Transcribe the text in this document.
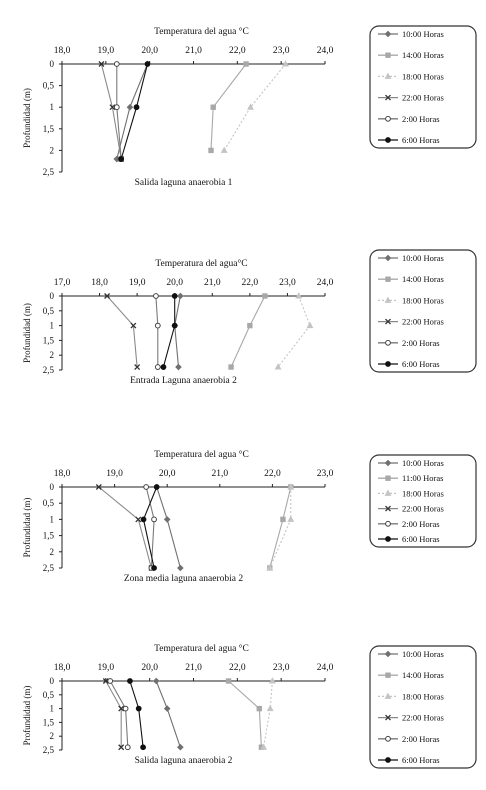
Temperatura del agua °C
18,0	19,0	20,0	21,0	22,0	23,0	24,0
0
0,5
1
1,5
2
2,5
Profundidad (m)
Salida laguna anaerobia 1
10:00 Horas
14:00 Horas
18:00 Horas
22:00 Horas
2:00 Horas
6:00 Horas
Temperatura del agua°C
17,0 18,0 19,0 20,0 21,0 22,0 23,0 24,0
0
0,5
1
1,5
2
2,5
Profundidad (m)
Entrada Laguna anaerobia 2
10:00 Horas
14:00 Horas
18:00 Horas
22:00 Horas
2:00 Horas
6:00 Horas
Temperatura del agua °C
18,0	19,0	20,0	21,0	22,0	23,0
0
0,5
1
1,5
2
2,5
Profundidad (m)
Zona media laguna anaerobia 2
10:00 Horas
11:00 Horas
18:00 Horas
22:00 Horas
2:00 Horas
6:00 Horas
Temperatura del agua °C
18,0	19,0	20,0	21,0	22,0	23,0	24,0
0
0,5
1
1,5
2
2,5
Profundidad (m)
Salida laguna anaerobia 2
10:00 Horas
14:00 Horas
18:00 Horas
22:00 Horas
2:00 Horas
6:00 Horas
